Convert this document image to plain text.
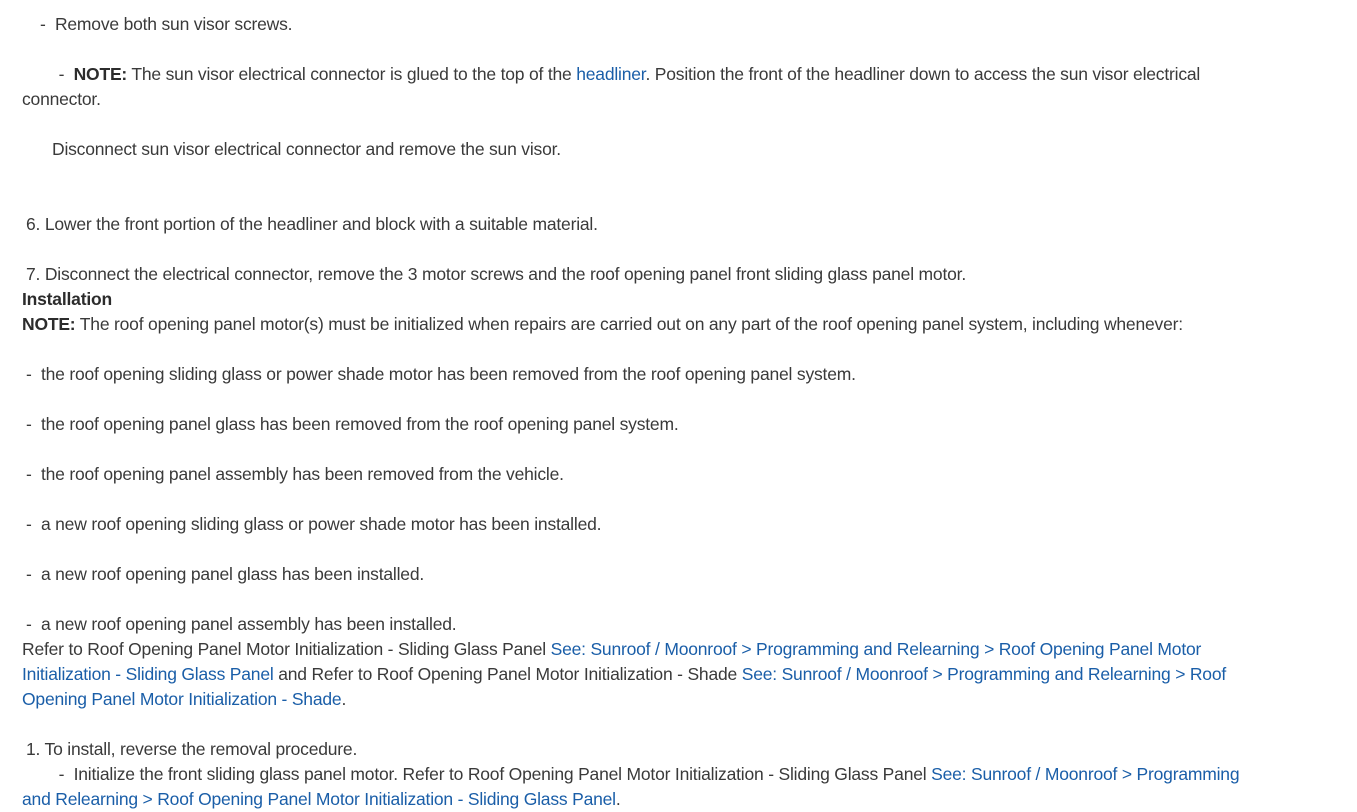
-  Remove both sun visor screws.
-  NOTE: The sun visor electrical connector is glued to the top of the headliner. Position the front of the headliner down to access the sun visor electrical connector.
Disconnect sun visor electrical connector and remove the sun visor.
6. Lower the front portion of the headliner and block with a suitable material.
7. Disconnect the electrical connector, remove the 3 motor screws and the roof opening panel front sliding glass panel motor.
Installation
NOTE: The roof opening panel motor(s) must be initialized when repairs are carried out on any part of the roof opening panel system, including whenever:
-  the roof opening sliding glass or power shade motor has been removed from the roof opening panel system.
-  the roof opening panel glass has been removed from the roof opening panel system.
-  the roof opening panel assembly has been removed from the vehicle.
-  a new roof opening sliding glass or power shade motor has been installed.
-  a new roof opening panel glass has been installed.
-  a new roof opening panel assembly has been installed.
Refer to Roof Opening Panel Motor Initialization - Sliding Glass Panel See: Sunroof / Moonroof > Programming and Relearning > Roof Opening Panel Motor Initialization - Sliding Glass Panel and Refer to Roof Opening Panel Motor Initialization - Shade See: Sunroof / Moonroof > Programming and Relearning > Roof Opening Panel Motor Initialization - Shade.
1. To install, reverse the removal procedure.
-  Initialize the front sliding glass panel motor. Refer to Roof Opening Panel Motor Initialization - Sliding Glass Panel See: Sunroof / Moonroof > Programming and Relearning > Roof Opening Panel Motor Initialization - Sliding Glass Panel.
